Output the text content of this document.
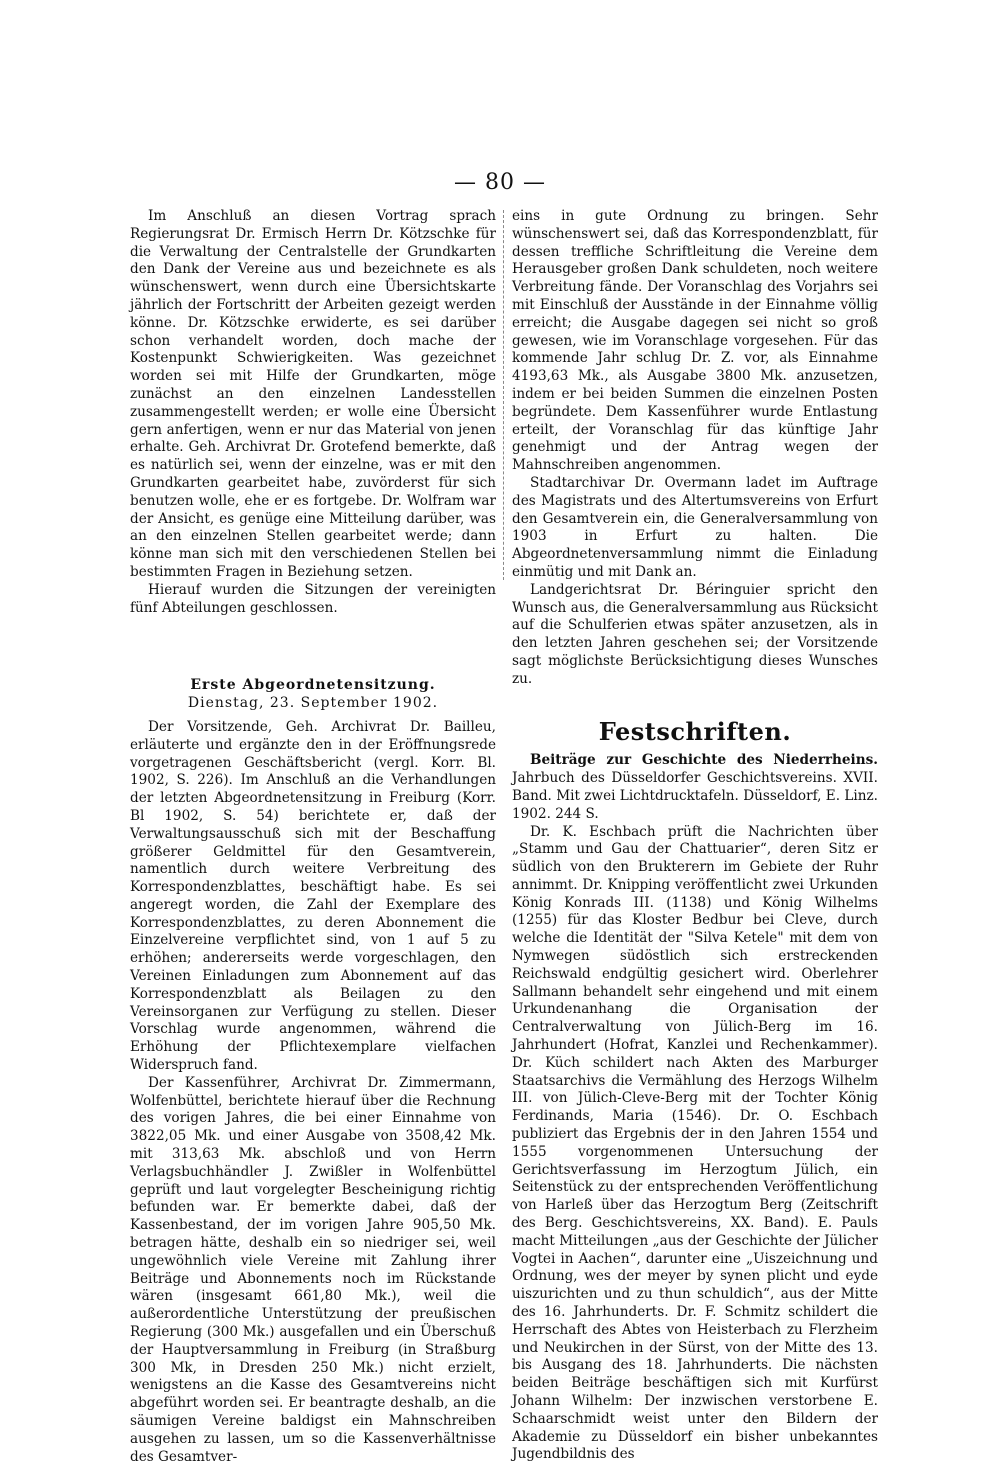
— 80 —

Im Anschluß an diesen Vortrag sprach Regierungsrat Dr. Ermisch Herrn Dr. Kötzschke für die Verwaltung der Centralstelle der Grundkarten den Dank der Vereine aus und bezeichnete es als wünschenswert, wenn durch eine Übersichtskarte jährlich der Fortschritt der Arbeiten gezeigt werden könne. Dr. Kötzschke erwiderte, es sei darüber schon verhandelt worden, doch mache der Kostenpunkt Schwierigkeiten. Was gezeichnet worden sei mit Hilfe der Grundkarten, möge zunächst an den einzelnen Landesstellen zusammengestellt werden; er wolle eine Übersicht gern anfertigen, wenn er nur das Material von jenen erhalte. Geh. Archivrat Dr. Grotefend bemerkte, daß es natürlich sei, wenn der einzelne, was er mit den Grundkarten gearbeitet habe, zuvörderst für sich benutzen wolle, ehe er es fortgebe. Dr. Wolfram war der Ansicht, es genüge eine Mitteilung darüber, was an den einzelnen Stellen gearbeitet werde; dann könne man sich mit den verschiedenen Stellen bei bestimmten Fragen in Beziehung setzen.

Hierauf wurden die Sitzungen der vereinigten fünf Abteilungen geschlossen.

Erste Abgeordnetensitzung.

Dienstag, 23. September 1902.

Der Vorsitzende, Geh. Archivrat Dr. Bailleu, erläuterte und ergänzte den in der Eröffnungsrede vorgetragenen Geschäftsbericht (vergl. Korr. Bl. 1902, S. 226). Im Anschluß an die Verhandlungen der letzten Abgeordnetensitzung in Freiburg (Korr. Bl 1902, S. 54) berichtete er, daß der Verwaltungsausschuß sich mit der Beschaffung größerer Geldmittel für den Gesamtverein, namentlich durch weitere Verbreitung des Korrespondenzblattes, beschäftigt habe. Es sei angeregt worden, die Zahl der Exemplare des Korrespondenzblattes, zu deren Abonnement die Einzelvereine verpflichtet sind, von 1 auf 5 zu erhöhen; andererseits werde vorgeschlagen, den Vereinen Einladungen zum Abonnement auf das Korrespondenzblatt als Beilagen zu den Vereinsorganen zur Verfügung zu stellen. Dieser Vorschlag wurde angenommen, während die Erhöhung der Pflichtexemplare vielfachen Widerspruch fand.

Der Kassenführer, Archivrat Dr. Zimmermann, Wolfenbüttel, berichtete hierauf über die Rechnung des vorigen Jahres, die bei einer Einnahme von 3822,05 Mk. und einer Ausgabe von 3508,42 Mk. mit 313,63 Mk. abschloß und von Herrn Verlagsbuchhändler J. Zwißler in Wolfenbüttel geprüft und laut vorgelegter Bescheinigung richtig befunden war. Er bemerkte dabei, daß der Kassenbestand, der im vorigen Jahre 905,50 Mk. betragen hätte, deshalb ein so niedriger sei, weil ungewöhnlich viele Vereine mit Zahlung ihrer Beiträge und Abonnements noch im Rückstande wären (insgesamt 661,80 Mk.), weil die außerordentliche Unterstützung der preußischen Regierung (300 Mk.) ausgefallen und ein Überschuß der Hauptversammlung in Freiburg (in Straßburg 300 Mk, in Dresden 250 Mk.) nicht erzielt, wenigstens an die Kasse des Gesamtvereins nicht abgeführt worden sei. Er beantragte deshalb, an die säumigen Vereine baldigst ein Mahnschreiben ausgehen zu lassen, um so die Kassenverhältnisse des Gesamtver-

eins in gute Ordnung zu bringen. Sehr wünschenswert sei, daß das Korrespondenzblatt, für dessen treffliche Schriftleitung die Vereine dem Herausgeber großen Dank schuldeten, noch weitere Verbreitung fände. Der Voranschlag des Vorjahrs sei mit Einschluß der Ausstände in der Einnahme völlig erreicht; die Ausgabe dagegen sei nicht so groß gewesen, wie im Voranschlage vorgesehen. Für das kommende Jahr schlug Dr. Z. vor, als Einnahme 4193,63 Mk., als Ausgabe 3800 Mk. anzusetzen, indem er bei beiden Summen die einzelnen Posten begründete. Dem Kassenführer wurde Entlastung erteilt, der Voranschlag für das künftige Jahr genehmigt und der Antrag wegen der Mahnschreiben angenommen.

Stadtarchivar Dr. Overmann ladet im Auftrage des Magistrats und des Altertumsvereins von Erfurt den Gesamtverein ein, die Generalversammlung von 1903 in Erfurt zu halten. Die Abgeordnetenversammlung nimmt die Einladung einmütig und mit Dank an.

Landgerichtsrat Dr. Béringuier spricht den Wunsch aus, die Generalversammlung aus Rücksicht auf die Schulferien etwas später anzusetzen, als in den letzten Jahren geschehen sei; der Vorsitzende sagt möglichste Berücksichtigung dieses Wunsches zu.

Festschriften.

Beiträge zur Geschichte des Niederrheins. Jahrbuch des Düsseldorfer Geschichtsvereins. XVII. Band. Mit zwei Lichtdrucktafeln. Düsseldorf, E. Linz. 1902. 244 S.

Dr. K. Eschbach prüft die Nachrichten über „Stamm und Gau der Chattuarier“, deren Sitz er südlich von den Brukterern im Gebiete der Ruhr annimmt. Dr. Knipping veröffentlicht zwei Urkunden König Konrads III. (1138) und König Wilhelms (1255) für das Kloster Bedbur bei Cleve, durch welche die Identität der "Silva Ketele" mit dem von Nymwegen südöstlich sich erstreckenden Reichswald endgültig gesichert wird. Oberlehrer Sallmann behandelt sehr eingehend und mit einem Urkundenanhang die Organisation der Centralverwaltung von Jülich-Berg im 16. Jahrhundert (Hofrat, Kanzlei und Rechenkammer). Dr. Küch schildert nach Akten des Marburger Staatsarchivs die Vermählung des Herzogs Wilhelm III. von Jülich-Cleve-Berg mit der Tochter König Ferdinands, Maria (1546). Dr. O. Eschbach publiziert das Ergebnis der in den Jahren 1554 und 1555 vorgenommenen Untersuchung der Gerichtsverfassung im Herzogtum Jülich, ein Seitenstück zu der entsprechenden Veröffentlichung von Harleß über das Herzogtum Berg (Zeitschrift des Berg. Geschichtsvereins, XX. Band). E. Pauls macht Mitteilungen „aus der Geschichte der Jülicher Vogtei in Aachen“, darunter eine „Uiszeichnung und Ordnung, wes der meyer by synen plicht und eyde uiszurichten und zu thun schuldich“, aus der Mitte des 16. Jahrhunderts. Dr. F. Schmitz schildert die Herrschaft des Abtes von Heisterbach zu Flerzheim und Neukirchen in der Sürst, von der Mitte des 13. bis Ausgang des 18. Jahrhunderts. Die nächsten beiden Beiträge beschäftigen sich mit Kurfürst Johann Wilhelm: Der inzwischen verstorbene E. Schaarschmidt weist unter den Bildern der Akademie zu Düsseldorf ein bisher unbekanntes Jugendbildnis des
